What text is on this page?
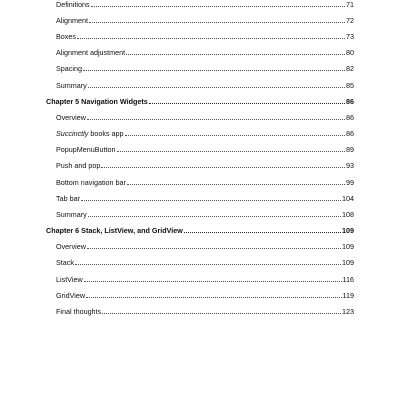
Definitions	71
Alignment	72
Boxes	73
Alignment adjustment	80
Spacing	82
Summary	85
Chapter 5 Navigation Widgets	86
Overview	86
Succinctly books app	86
PopupMenuButton	89
Push and pop	93
Bottom navigation bar	99
Tab bar	104
Summary	108
Chapter 6 Stack, ListView, and GridView	109
Overview	109
Stack	109
ListView	116
GridView	119
Final thoughts	123
